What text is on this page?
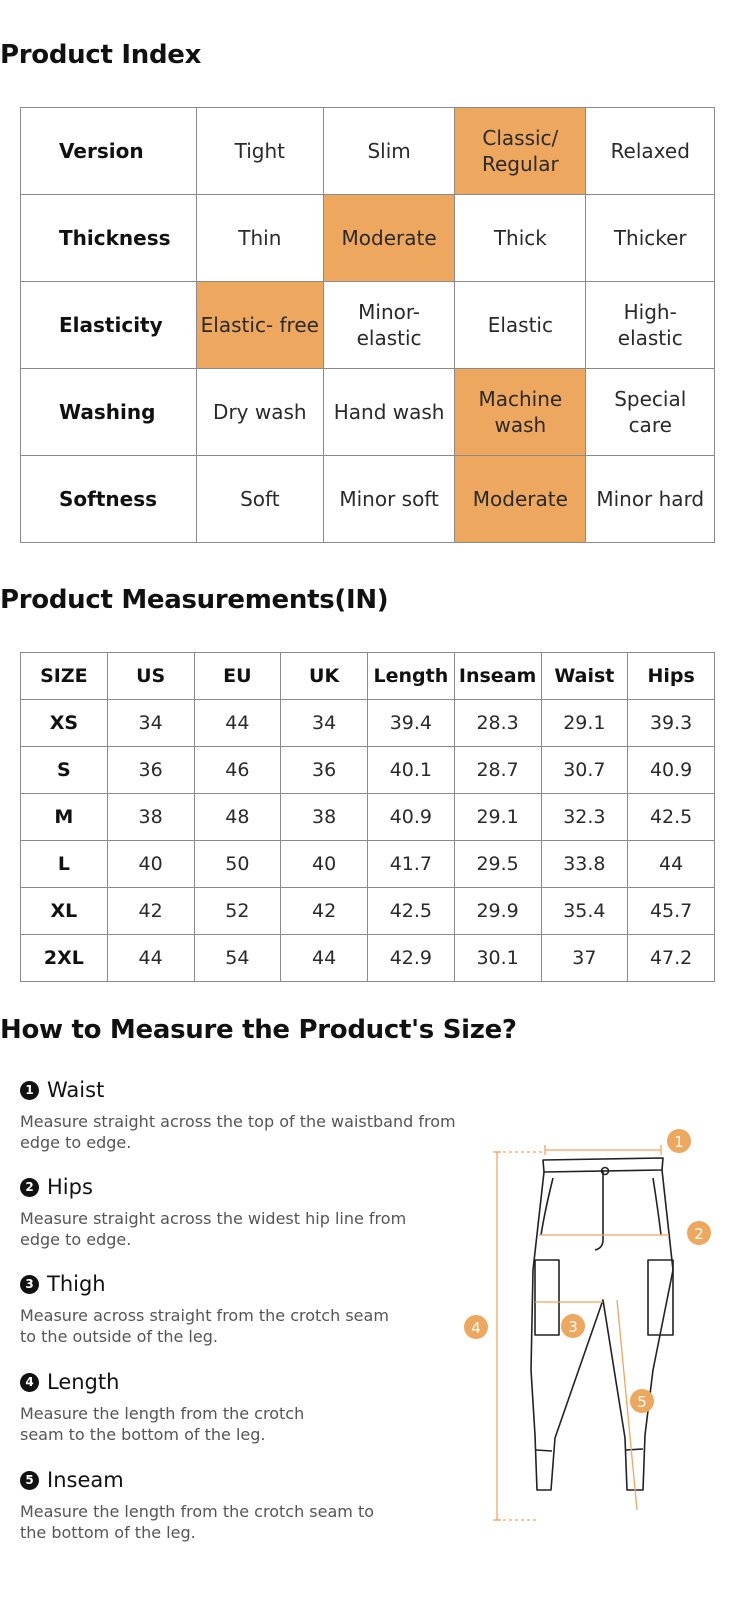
Product Index
Version	Tight	Slim	Classic/ Regular	Relaxed
Thickness	Thin	Moderate	Thick	Thicker
Elasticity	Elastic- free	Minor- elastic	Elastic	High- elastic
Washing	Dry wash	Hand wash	Machine wash	Special care
Softness	Soft	Minor soft	Moderate	Minor hard
Product Measurements(IN)
SIZE	US	EU	UK	Length	Inseam	Waist	Hips
XS	34	44	34	39.4	28.3	29.1	39.3
S	36	46	36	40.1	28.7	30.7	40.9
M	38	48	38	40.9	29.1	32.3	42.5
L	40	50	40	41.7	29.5	33.8	44
XL	42	52	42	42.5	29.9	35.4	45.7
2XL	44	54	44	42.9	30.1	37	47.2
How to Measure the Product's Size?
1 Waist
Measure straight across the top of the waistband from edge to edge.
2 Hips
Measure straight across the widest hip line from edge to edge.
3 Thigh
Measure across straight from the crotch seam to the outside of the leg.
4 Length
Measure the length from the crotch seam to the bottom of the leg.
5 Inseam
Measure the length from the crotch seam to the bottom of the leg.
1
2
3
4
5
